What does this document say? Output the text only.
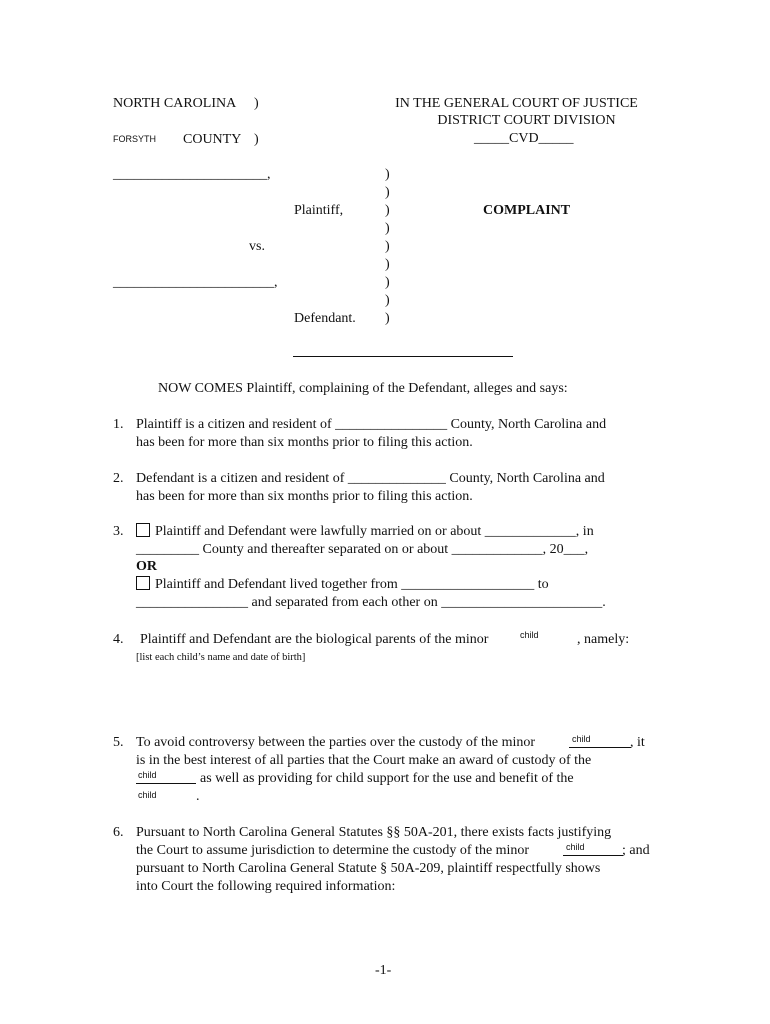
NORTH CAROLINA )
FORSYTH COUNTY )
IN THE GENERAL COURT OF JUSTICE
DISTRICT COURT DIVISION
_____CVD_____
______________________,
Plaintiff,
vs.
_______________________,
Defendant.
)
)
)
)
)
)
)
)
)
COMPLAINT
NOW COMES Plaintiff, complaining of the Defendant, alleges and says:
1. Plaintiff is a citizen and resident of ________________ County, North Carolina and
has been for more than six months prior to filing this action.
2. Defendant is a citizen and resident of ______________ County, North Carolina and
has been for more than six months prior to filing this action.
3.	Plaintiff and Defendant were lawfully married on or about _____________, in
_________ County and thereafter separated on or about _____________, 20___,
OR
Plaintiff and Defendant lived together from ___________________ to
________________ and separated from each other on _______________________.
4. Plaintiff and Defendant are the biological parents of the minor	child	, namely:
[list each child’s name and date of birth]
5. To avoid controversy between the parties over the custody of the minor	child	, it
is in the best interest of all parties that the Court make an award of custody of the
child	as well as providing for child support for the use and benefit of the
child	.
6. Pursuant to North Carolina General Statutes §§ 50A-201, there exists facts justifying
the Court to assume jurisdiction to determine the custody of the minor	child	; and
pursuant to North Carolina General Statute § 50A-209, plaintiff respectfully shows
into Court the following required information:
-1-
